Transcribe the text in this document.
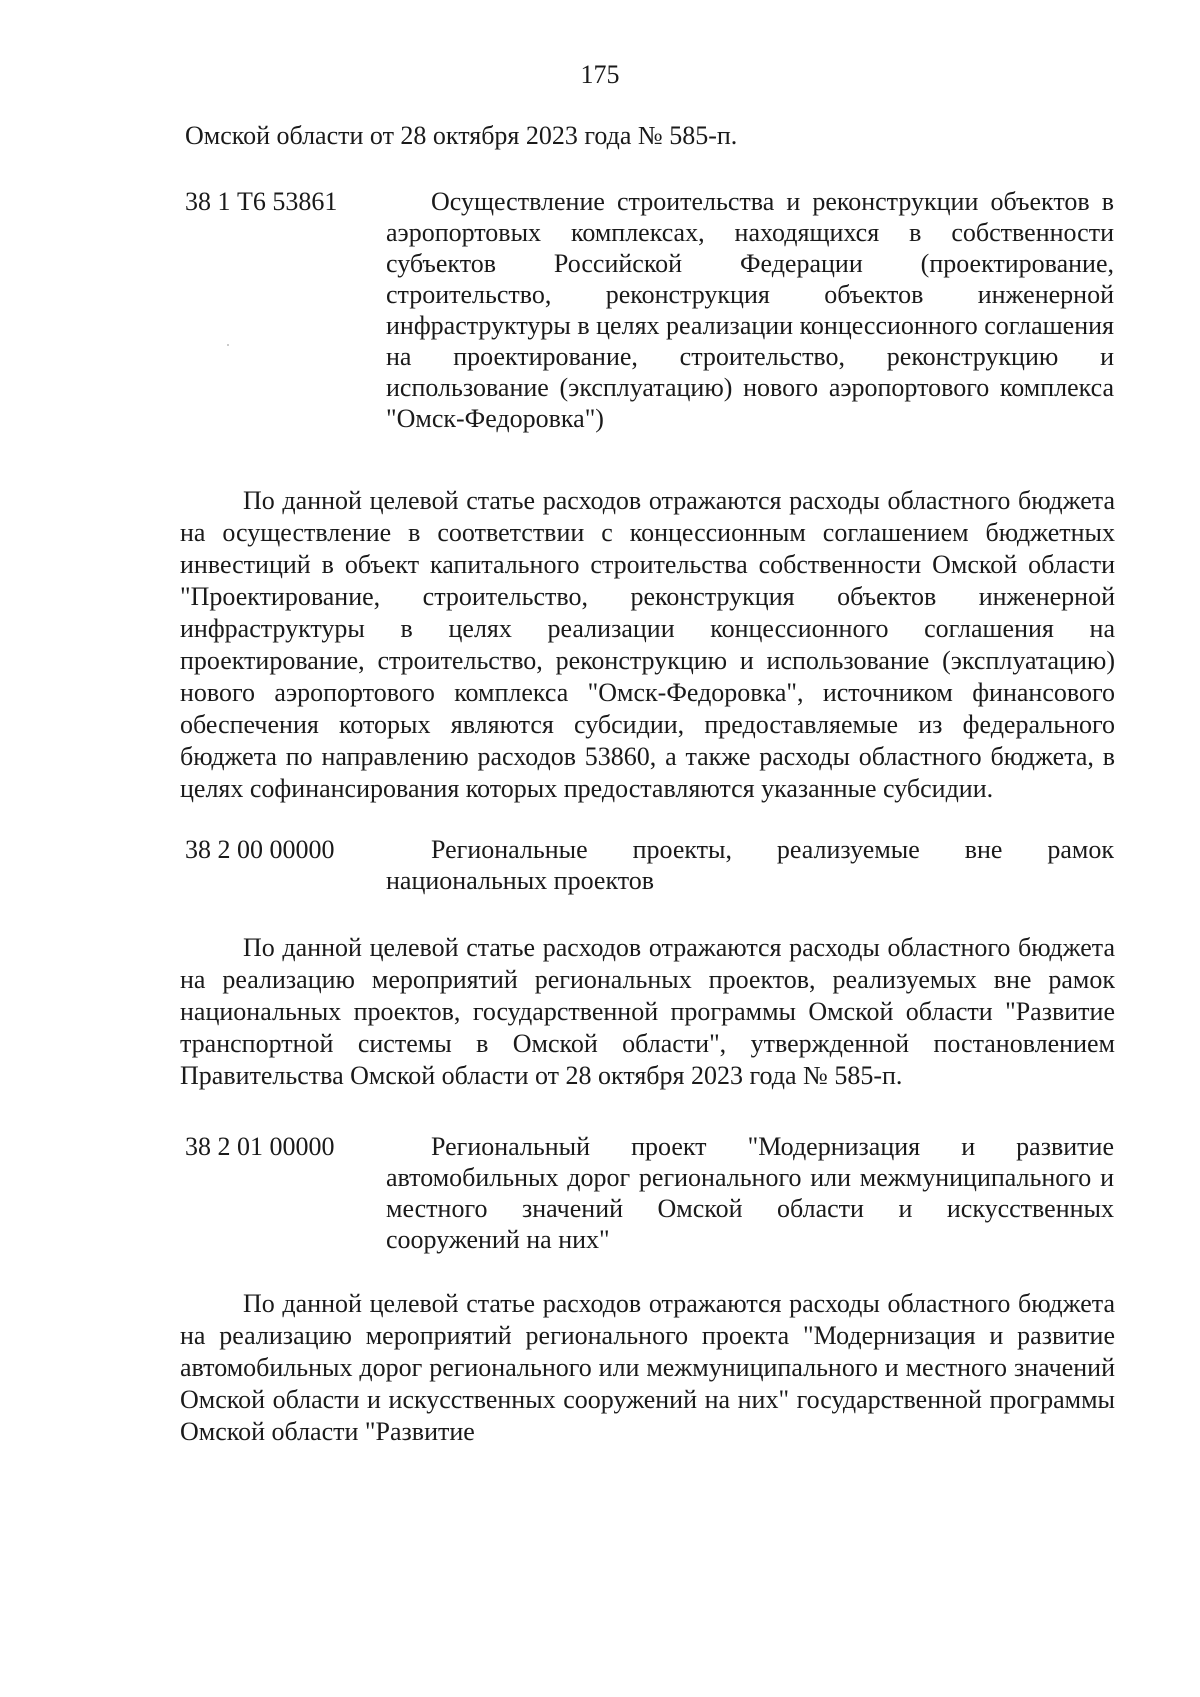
175
Омской области от 28 октября 2023 года № 585-п.
38 1 Т6 53861	Осуществление строительства и реконструкции объектов в аэропортовых комплексах, находящихся в собственности субъектов Российской Федерации (проектирование, строительство, реконструкция объектов инженерной инфраструктуры в целях реализации концессионного соглашения на проектирование, строительство, реконструкцию и использование (эксплуатацию) нового аэропортового комплекса "Омск-Федоровка")
По данной целевой статье расходов отражаются расходы областного бюджета на осуществление в соответствии с концессионным соглашением бюджетных инвестиций в объект капитального строительства собственности Омской области "Проектирование, строительство, реконструкция объектов инженерной инфраструктуры в целях реализации концессионного соглашения на проектирование, строительство, реконструкцию и использование (эксплуатацию) нового аэропортового комплекса "Омск-Федоровка", источником финансового обеспечения которых являются субсидии, предоставляемые из федерального бюджета по направлению расходов 53860, а также расходы областного бюджета, в целях софинансирования которых предоставляются указанные субсидии.
38 2 00 00000	Региональные проекты, реализуемые вне рамок национальных проектов
По данной целевой статье расходов отражаются расходы областного бюджета на реализацию мероприятий региональных проектов, реализуемых вне рамок национальных проектов, государственной программы Омской области "Развитие транспортной системы в Омской области", утвержденной постановлением Правительства Омской области от 28 октября 2023 года № 585-п.
38 2 01 00000	Региональный проект "Модернизация и развитие автомобильных дорог регионального или межмуниципального и местного значений Омской области и искусственных сооружений на них"
По данной целевой статье расходов отражаются расходы областного бюджета на реализацию мероприятий регионального проекта "Модернизация и развитие автомобильных дорог регионального или межмуниципального и местного значений Омской области и искусственных сооружений на них" государственной программы Омской области "Развитие
